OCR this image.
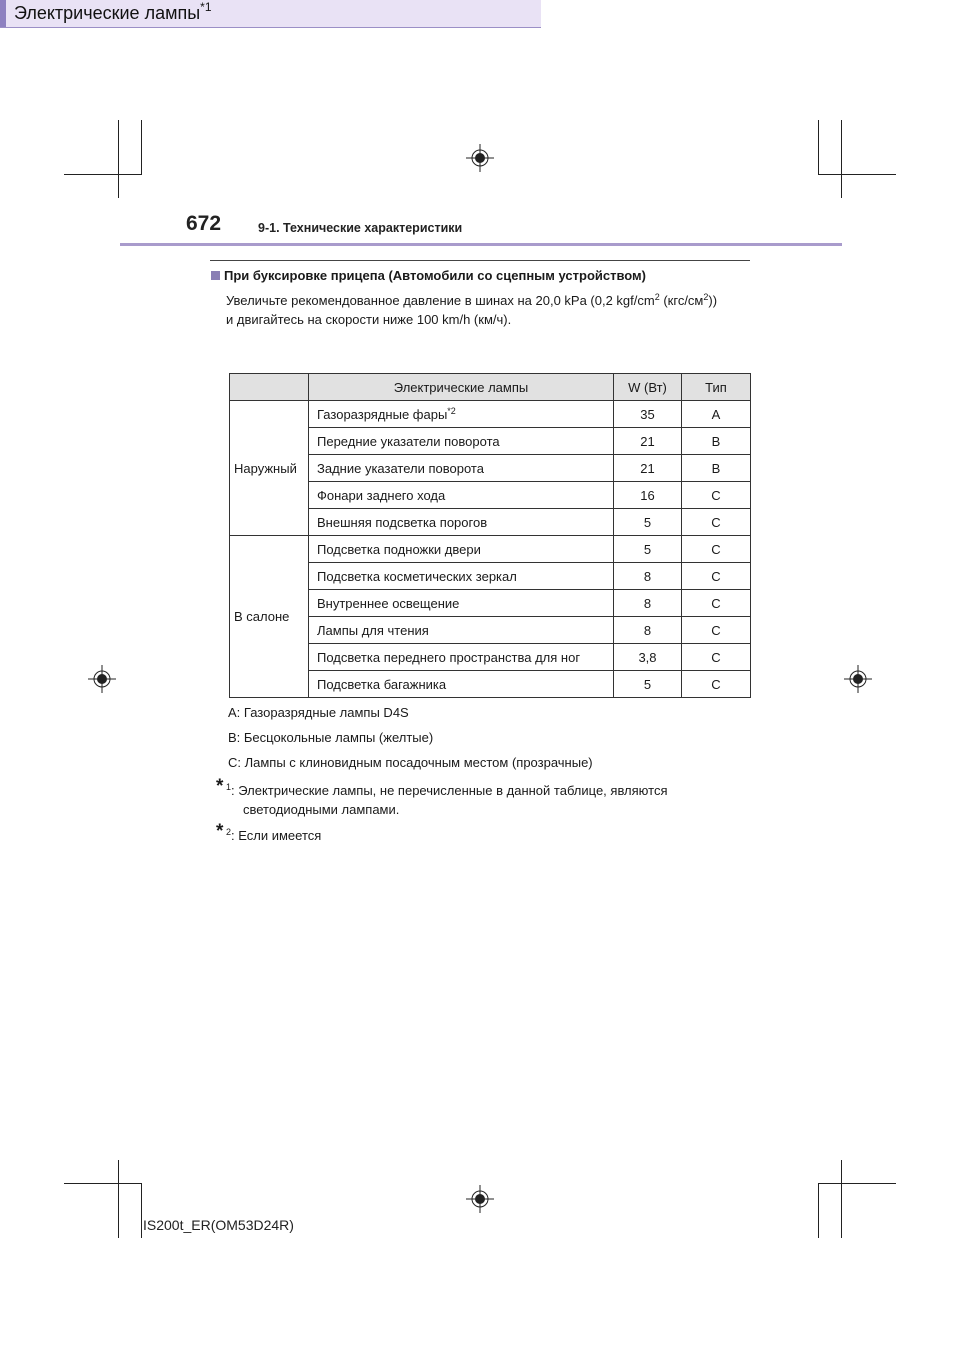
672	9-1. Технические характеристики
При буксировке прицепа (Автомобили со сцепным устройством)
Увеличьте рекомендованное давление в шинах на 20,0 kPa (0,2 kgf/$cm^2$ $(кгс/см^2)$)
и двигайтесь на скорости ниже 100 km/h (км/ч).
Электрические лампы$^{*1}$
	Электрические лампы	W (Вт)	Тип
Наружный	Газоразрядные фары$^{*2}$	35	A
	Передние указатели поворота	21	B
	Задние указатели поворота	21	B
	Фонари заднего хода	16	C
	Внешняя подсветка порогов	5	C
В салоне	Подсветка подножки двери	5	C
	Подсветка косметических зеркал	8	C
	Внутреннее освещение	8	C
	Лампы для чтения	8	C
	Подсветка переднего пространства для ног	3,8	C
	Подсветка багажника	5	C
A: Газоразрядные лампы D4S
B: Бесцокольные лампы (желтые)
C: Лампы с клиновидным посадочным местом (прозрачные)
* $^1$: Электрические лампы, не перечисленные в данной таблице, являются
светодиодными лампами.
* $^2$: Если имеется
IS200t_ER(OM53D24R)
